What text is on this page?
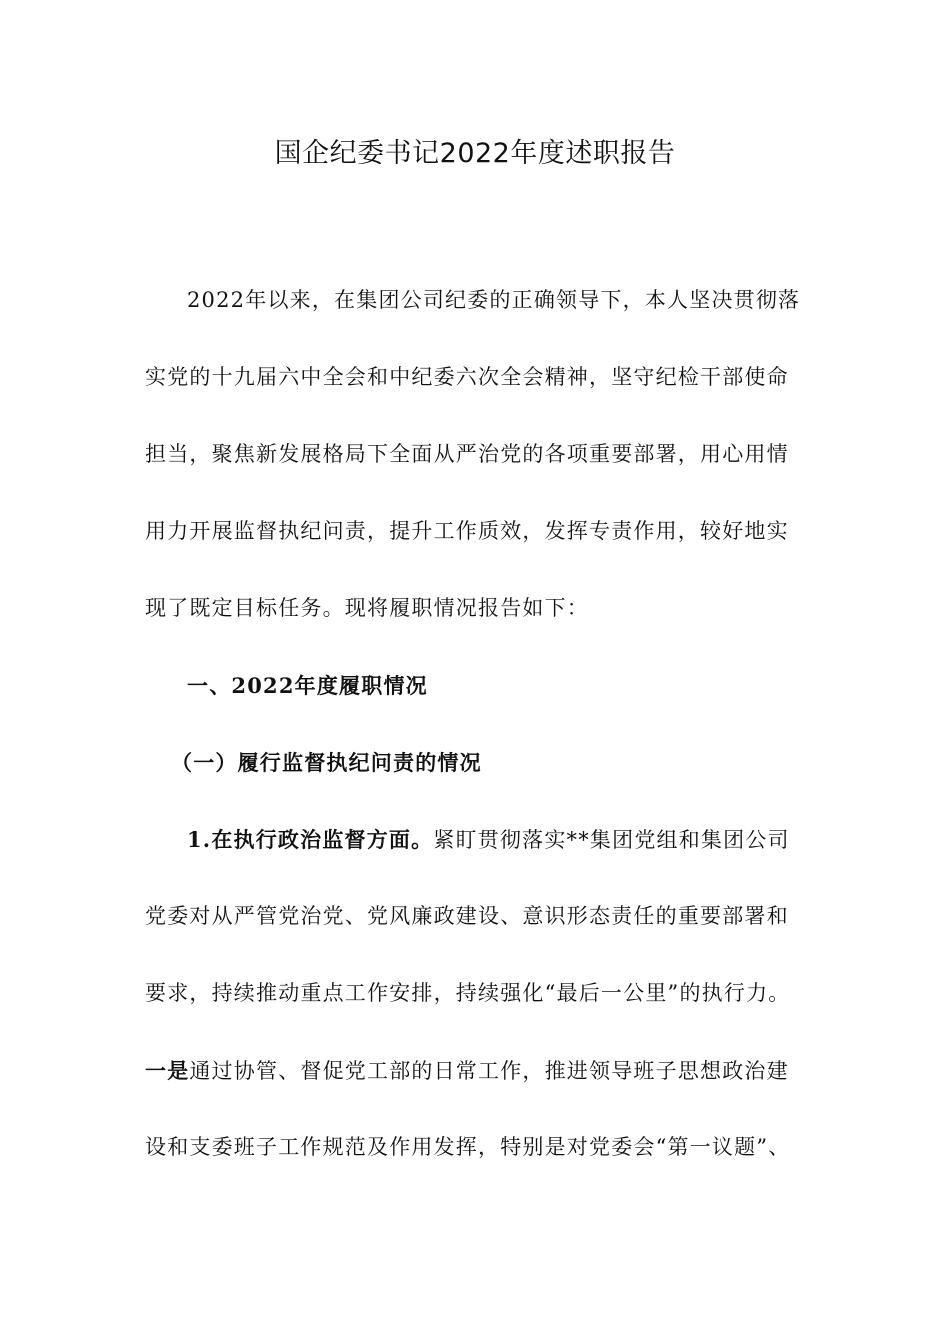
国企纪委书记2022年度述职报告
2022年以来，在集团公司纪委的正确领导下，本人坚决贯彻落
实党的十九届六中全会和中纪委六次全会精神，坚守纪检干部使命
担当，聚焦新发展格局下全面从严治党的各项重要部署，用心用情
用力开展监督执纪问责，提升工作质效，发挥专责作用，较好地实
现了既定目标任务。现将履职情况报告如下：
一、2022年度履职情况
（一）履行监督执纪问责的情况
1.在执行政治监督方面。紧盯贯彻落实**集团党组和集团公司
党委对从严管党治党、党风廉政建设、意识形态责任的重要部署和
要求，持续推动重点工作安排，持续强化“最后一公里”的执行力。
一是通过协管、督促党工部的日常工作，推进领导班子思想政治建
设和支委班子工作规范及作用发挥，特别是对党委会“第一议题”、
